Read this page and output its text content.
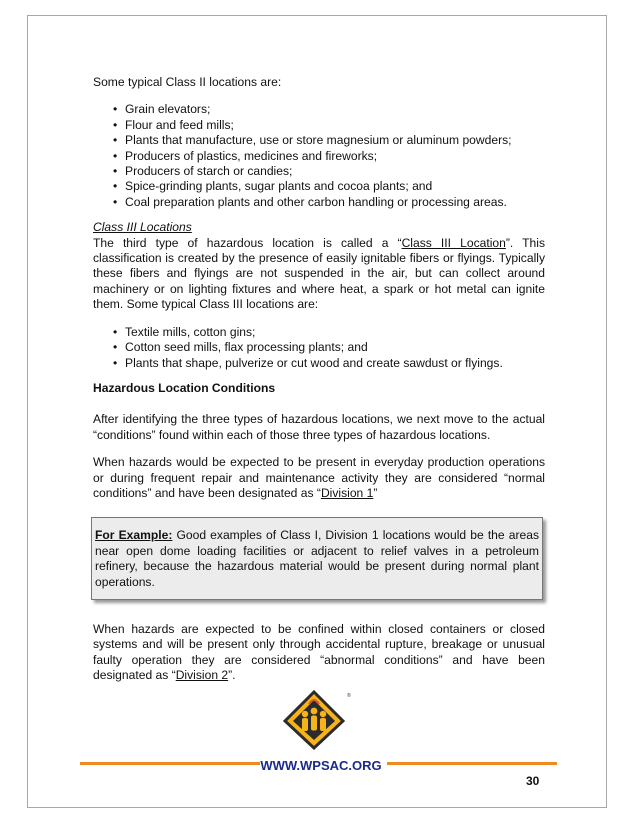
Some typical Class II locations are:

• Grain elevators;
• Flour and feed mills;
• Plants that manufacture, use or store magnesium or aluminum powders;
• Producers of plastics, medicines and fireworks;
• Producers of starch or candies;
• Spice-grinding plants, sugar plants and cocoa plants; and
• Coal preparation plants and other carbon handling or processing areas.

Class III Locations

The third type of hazardous location is called a “Class III Location”. This classification is created by the presence of easily ignitable fibers or flyings. Typically these fibers and flyings are not suspended in the air, but can collect around machinery or on lighting fixtures and where heat, a spark or hot metal can ignite them. Some typical Class III locations are:

• Textile mills, cotton gins;
• Cotton seed mills, flax processing plants; and
• Plants that shape, pulverize or cut wood and create sawdust or flyings.

Hazardous Location Conditions

After identifying the three types of hazardous locations, we next move to the actual “conditions” found within each of those three types of hazardous locations.

When hazards would be expected to be present in everyday production operations or during frequent repair and maintenance activity they are considered “normal conditions” and have been designated as “Division 1”

For Example: Good examples of Class I, Division 1 locations would be the areas near open dome loading facilities or adjacent to relief valves in a petroleum refinery, because the hazardous material would be present during normal plant operations.

When hazards are expected to be confined within closed containers or closed systems and will be present only through accidental rupture, breakage or unusual faulty operation they are considered “abnormal conditions” and have been designated as “Division 2”.

®
WWW.WPSAC.ORG
30
